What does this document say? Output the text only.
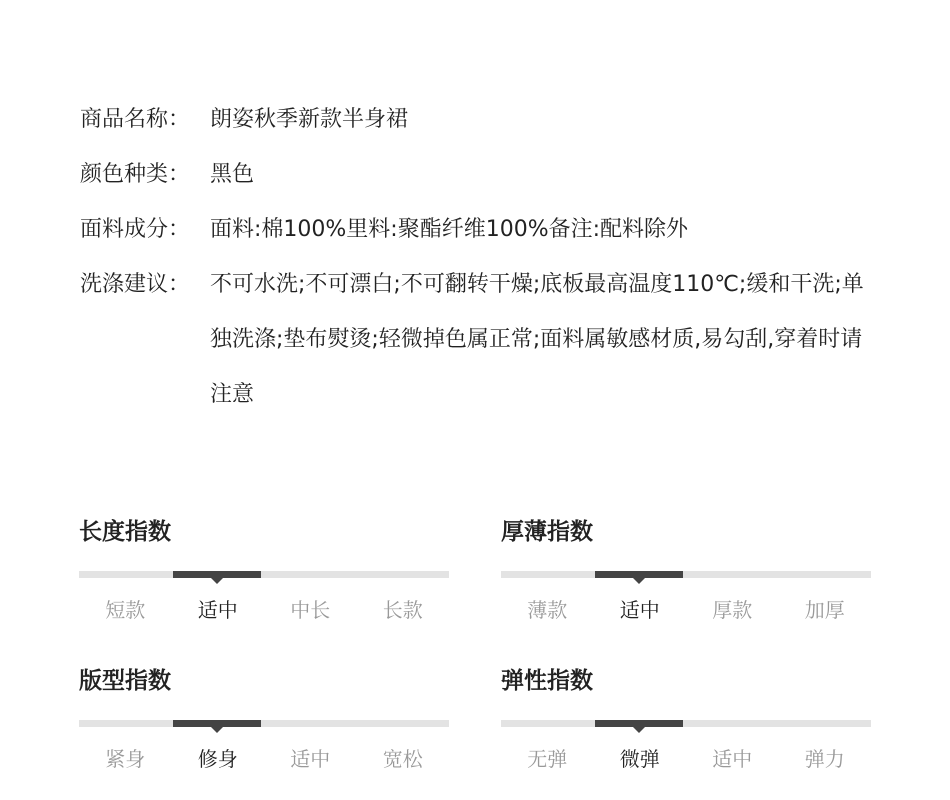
商品名称： 朗姿秋季新款半身裙
颜色种类： 黑色
面料成分： 面料:棉100%里料:聚酯纤维100%备注:配料除外
洗涤建议： 不可水洗;不可漂白;不可翻转干燥;底板最高温度110℃;缓和干洗;单独洗涤;垫布熨烫;轻微掉色属正常;面料属敏感材质,易勾刮,穿着时请注意
长度指数
短款	适中	中长	长款
厚薄指数
薄款	适中	厚款	加厚
版型指数
紧身	修身	适中	宽松
弹性指数
无弹	微弹	适中	弹力
